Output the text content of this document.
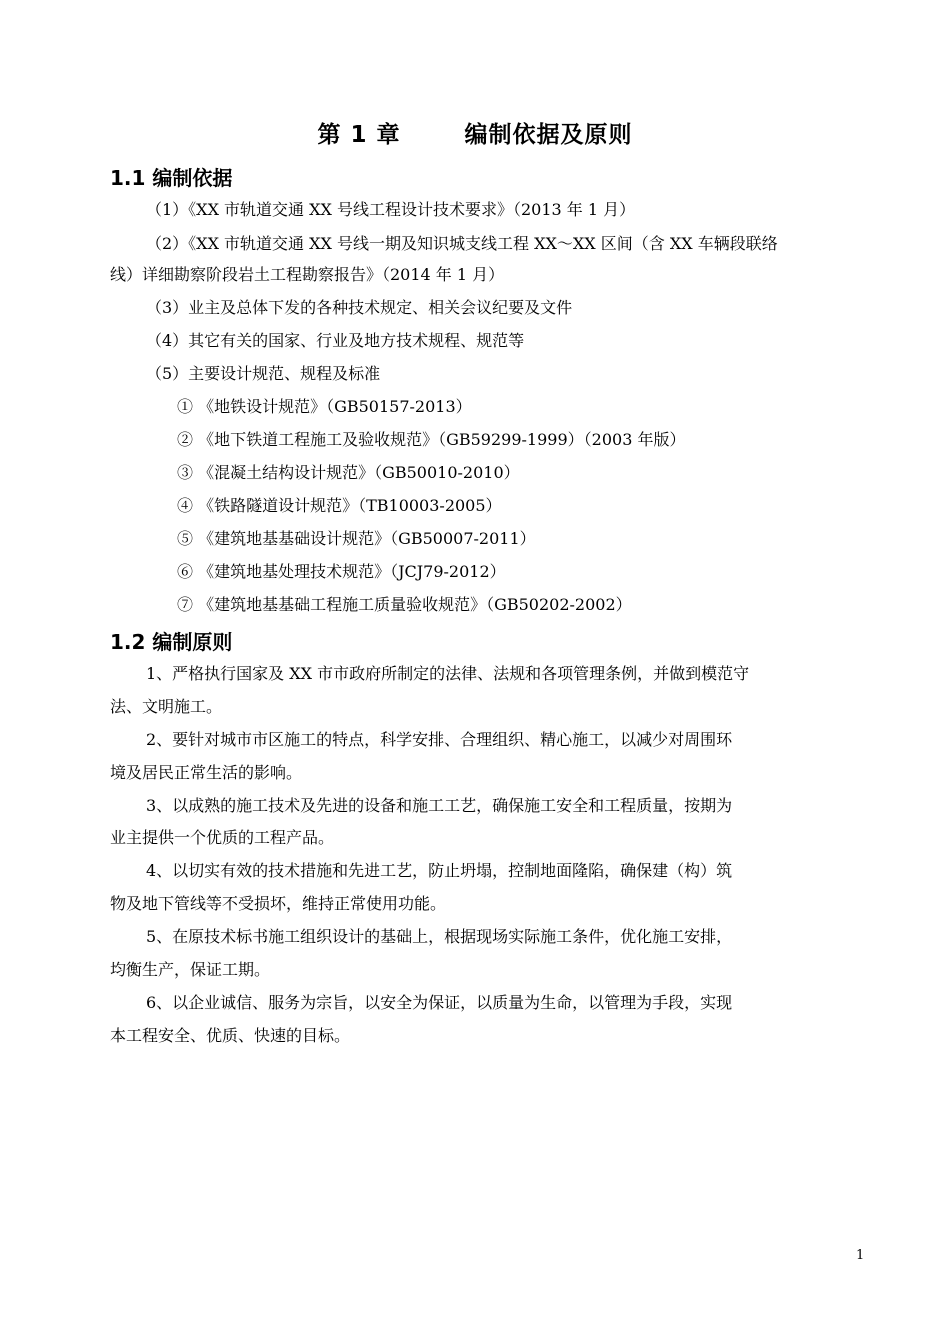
第 1 章	编制依据及原则
1.1 编制依据
（1）《XX 市轨道交通 XX 号线工程设计技术要求》（2013 年 1 月）
（2）《XX 市轨道交通 XX 号线一期及知识城支线工程 XX～XX 区间（含 XX 车辆段联络
线）详细勘察阶段岩土工程勘察报告》（2014 年 1 月）
（3）业主及总体下发的各种技术规定、相关会议纪要及文件
（4）其它有关的国家、行业及地方技术规程、规范等
（5）主要设计规范、规程及标准
① 《地铁设计规范》（GB50157-2013）
② 《地下铁道工程施工及验收规范》（GB59299-1999）（2003 年版）
③ 《混凝土结构设计规范》（GB50010-2010）
④ 《铁路隧道设计规范》（TB10003-2005）
⑤ 《建筑地基基础设计规范》（GB50007-2011）
⑥ 《建筑地基处理技术规范》（JCJ79-2012）
⑦ 《建筑地基基础工程施工质量验收规范》（GB50202-2002）
1.2 编制原则
1、严格执行国家及 XX 市市政府所制定的法律、法规和各项管理条例，并做到模范守
法、文明施工。
2、要针对城市市区施工的特点，科学安排、合理组织、精心施工，以减少对周围环
境及居民正常生活的影响。
3、以成熟的施工技术及先进的设备和施工工艺，确保施工安全和工程质量，按期为
业主提供一个优质的工程产品。
4、以切实有效的技术措施和先进工艺，防止坍塌，控制地面隆陷，确保建（构）筑
物及地下管线等不受损坏，维持正常使用功能。
5、在原技术标书施工组织设计的基础上，根据现场实际施工条件，优化施工安排，
均衡生产，保证工期。
6、以企业诚信、服务为宗旨，以安全为保证，以质量为生命，以管理为手段，实现
本工程安全、优质、快速的目标。
1
